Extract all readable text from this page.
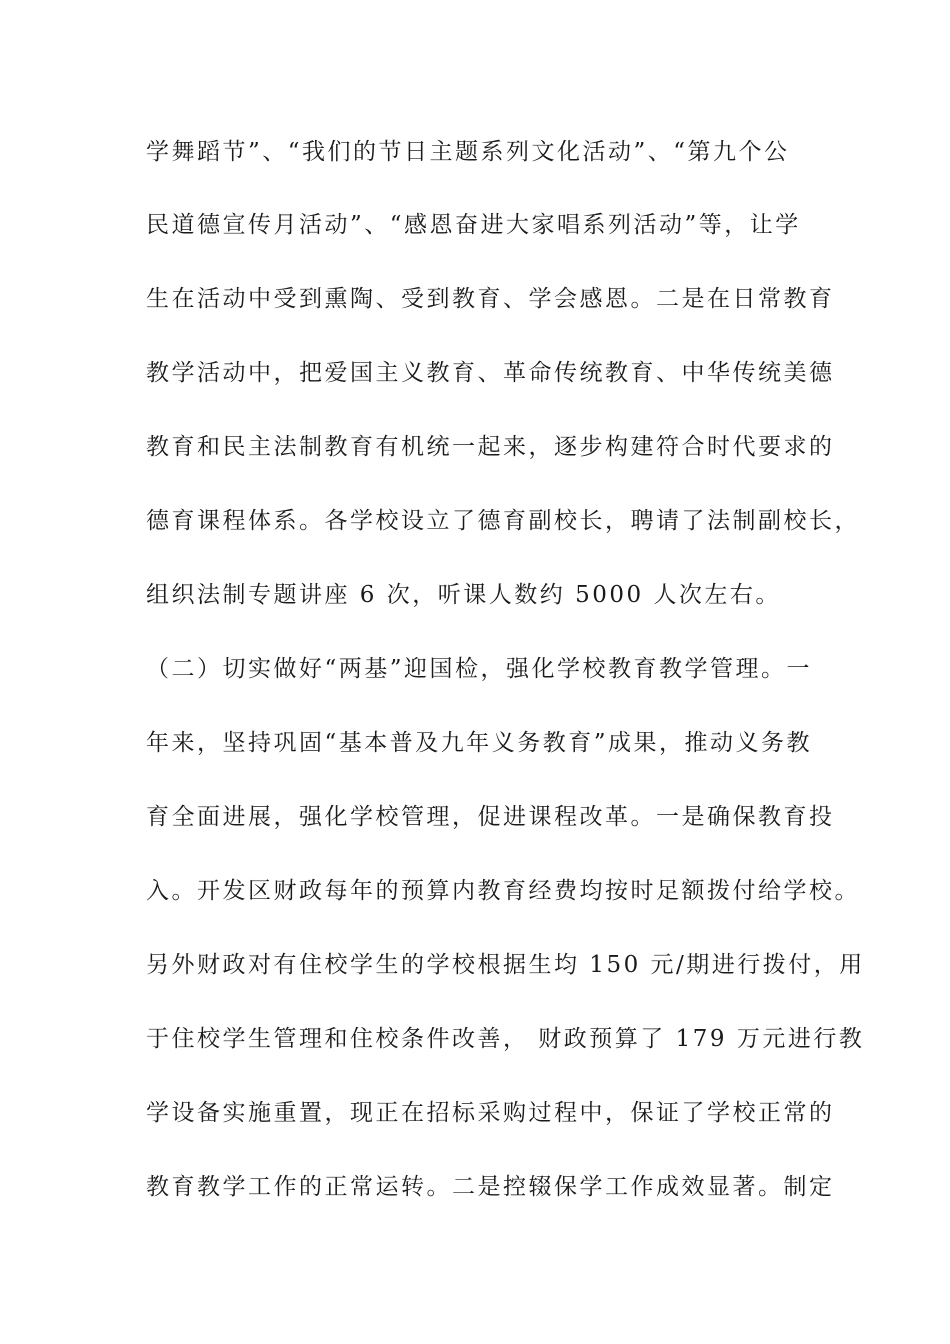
学舞蹈节”、“我们的节日主题系列文化活动”、“第九个公
民道德宣传月活动”、“感恩奋进大家唱系列活动”等，让学
生在活动中受到熏陶、受到教育、学会感恩。二是在日常教育
教学活动中，把爱国主义教育、革命传统教育、中华传统美德
教育和民主法制教育有机统一起来，逐步构建符合时代要求的
德育课程体系。各学校设立了德育副校长，聘请了法制副校长，
组织法制专题讲座 6 次，听课人数约 5000 人次左右。
（二）切实做好“两基”迎国检，强化学校教育教学管理。一
年来，坚持巩固“基本普及九年义务教育”成果，推动义务教
育全面进展，强化学校管理，促进课程改革。一是确保教育投
入。开发区财政每年的预算内教育经费均按时足额拨付给学校。
另外财政对有住校学生的学校根据生均 150 元/期进行拨付，用
于住校学生管理和住校条件改善， 财政预算了 179 万元进行教
学设备实施重置，现正在招标采购过程中，保证了学校正常的
教育教学工作的正常运转。二是控辍保学工作成效显著。制定
